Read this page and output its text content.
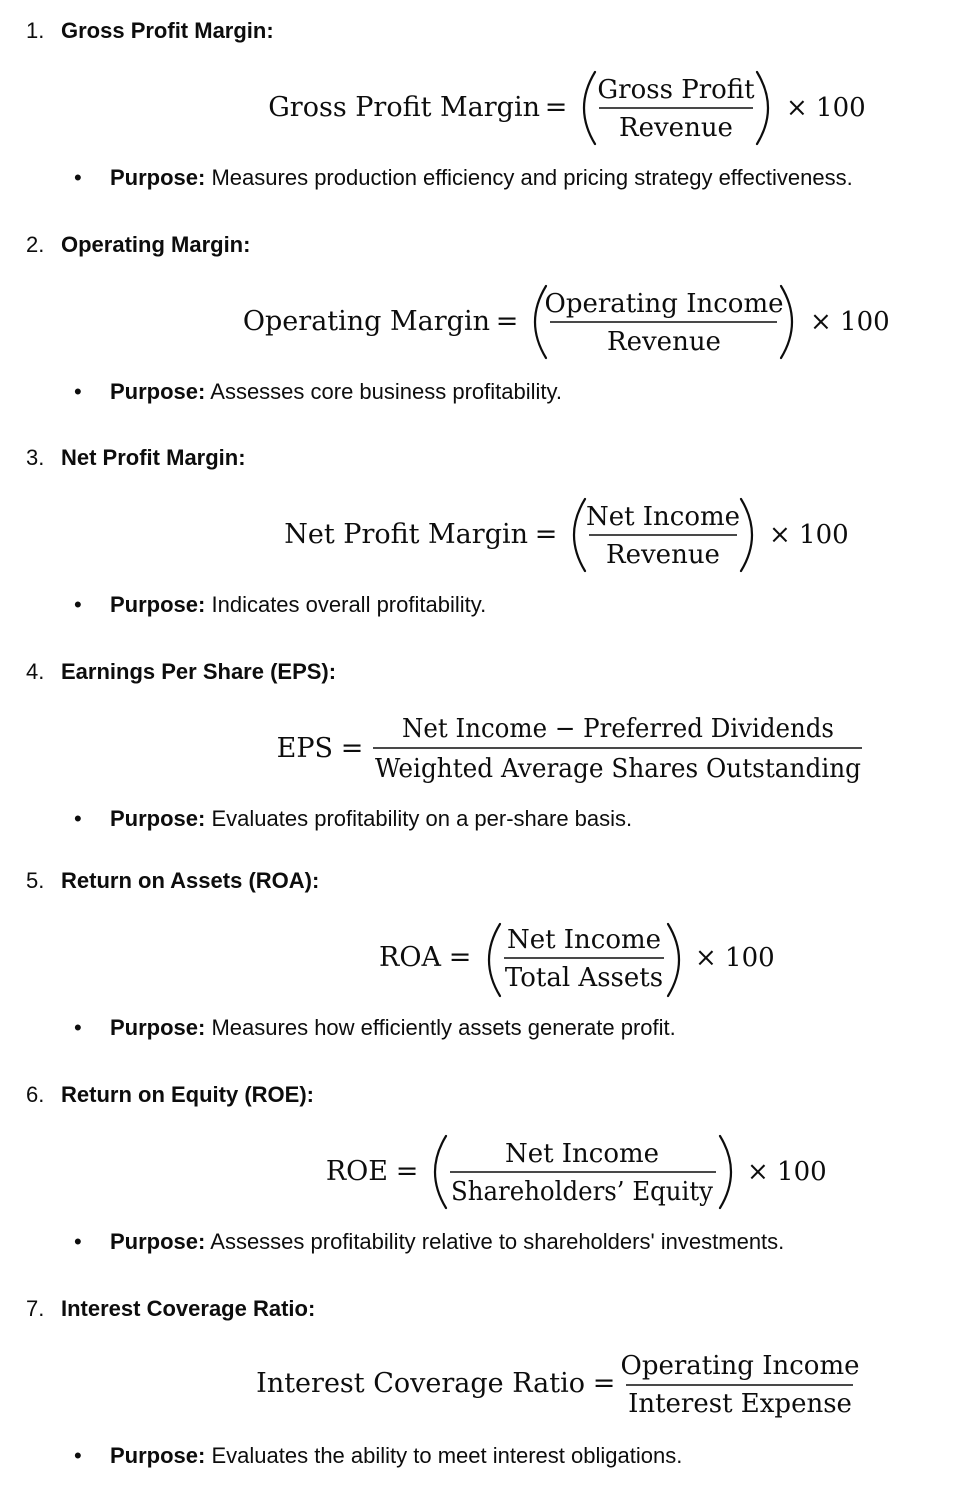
1. Gross Profit Margin:
Gross Profit Margin =
Gross Profit
Revenue
× 100
• Purpose: Measures production efficiency and pricing strategy effectiveness.
2. Operating Margin:
Operating Margin =
Operating Income
Revenue
× 100
• Purpose: Assesses core business profitability.
3. Net Profit Margin:
Net Profit Margin =
Net Income
Revenue
× 100
• Purpose: Indicates overall profitability.
4. Earnings Per Share (EPS):
EPS =
Net Income − Preferred Dividends
Weighted Average Shares Outstanding
• Purpose: Evaluates profitability on a per-share basis.
5. Return on Assets (ROA):
ROA =
Net Income
Total Assets
× 100
• Purpose: Measures how efficiently assets generate profit.
6. Return on Equity (ROE):
ROE =
Net Income
Shareholders’ Equity
× 100
• Purpose: Assesses profitability relative to shareholders' investments.
7. Interest Coverage Ratio:
Interest Coverage Ratio =
Operating Income
Interest Expense
• Purpose: Evaluates the ability to meet interest obligations.
